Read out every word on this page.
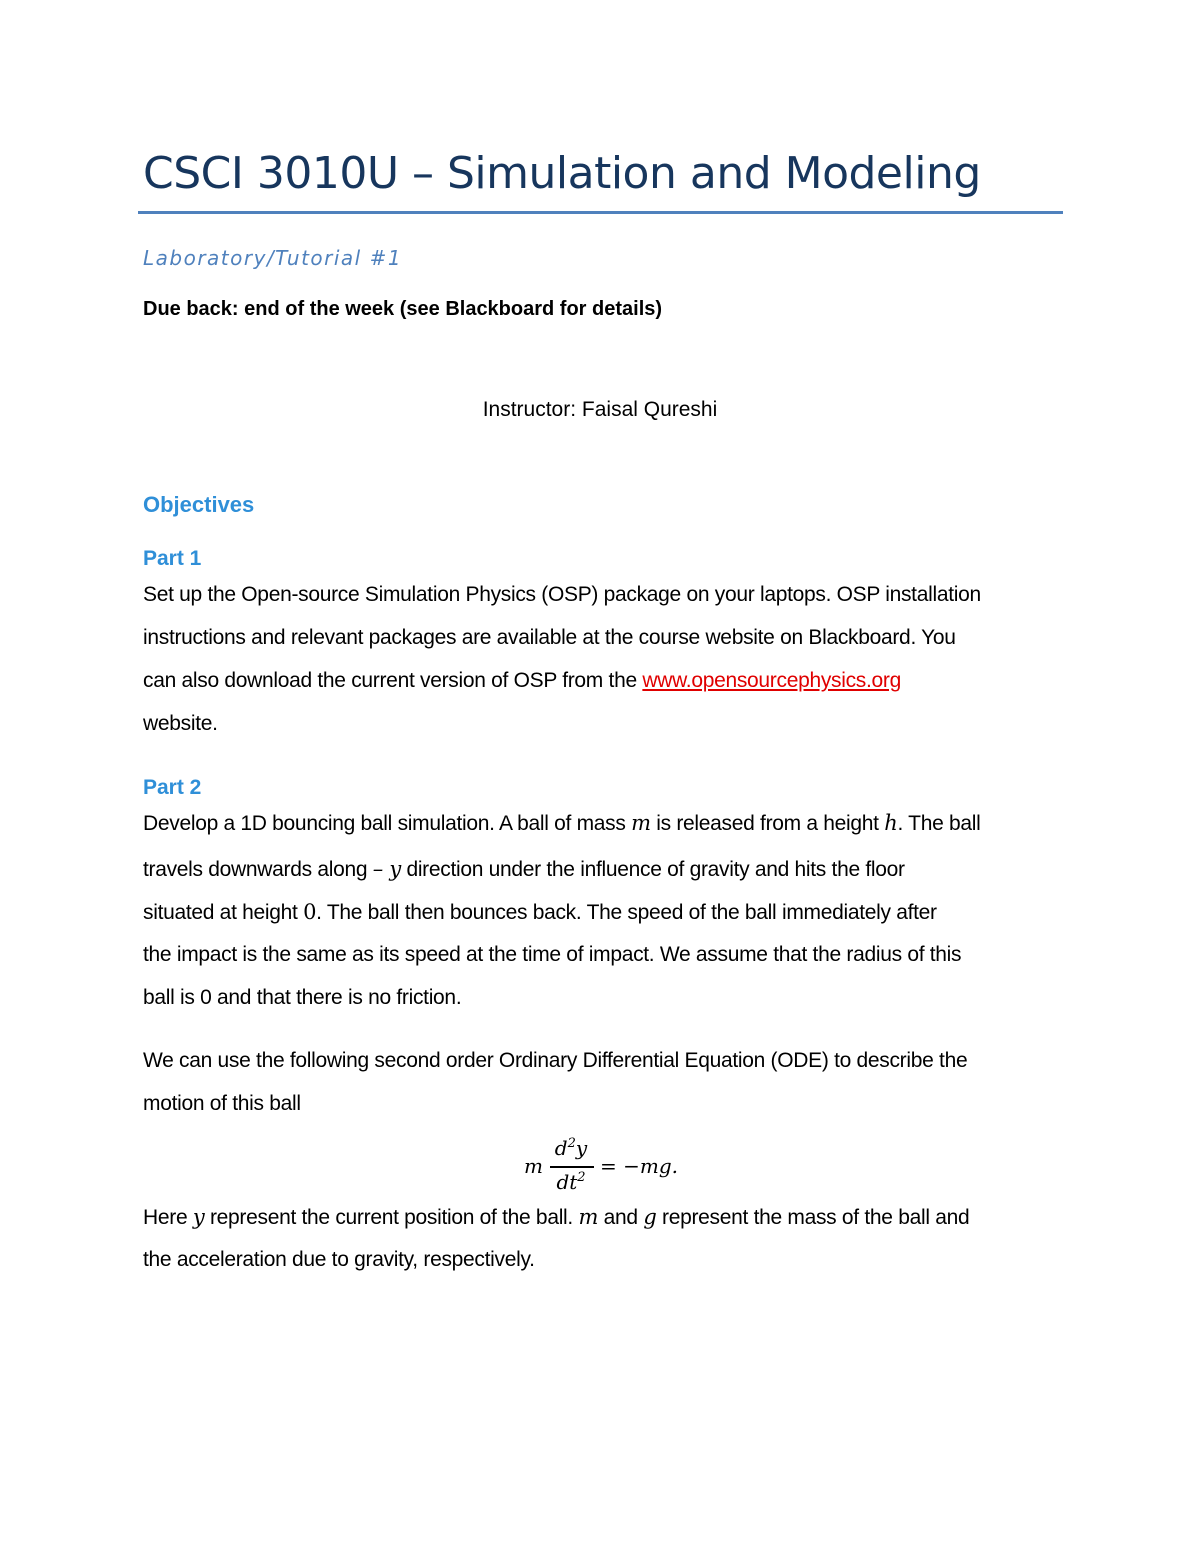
CSCI 3010U – Simulation and Modeling
Laboratory/Tutorial #1
Due back: end of the week (see Blackboard for details)
Instructor: Faisal Qureshi
Objectives
Part 1
Set up the Open-source Simulation Physics (OSP) package on your laptops. OSP installation
instructions and relevant packages are available at the course website on Blackboard. You
can also download the current version of OSP from the www.opensourcephysics.org
website.
Part 2
Develop a 1D bouncing ball simulation. A ball of mass m is released from a height h. The ball
travels downwards along – y direction under the influence of gravity and hits the floor
situated at height 0. The ball then bounces back. The speed of the ball immediately after
the impact is the same as its speed at the time of impact. We assume that the radius of this
ball is 0 and that there is no friction.
We can use the following second order Ordinary Differential Equation (ODE) to describe the
motion of this ball
m
$d^2y$
$dt^2 = -mg$.
Here y represent the current position of the ball. m and g represent the mass of the ball and
the acceleration due to gravity, respectively.
